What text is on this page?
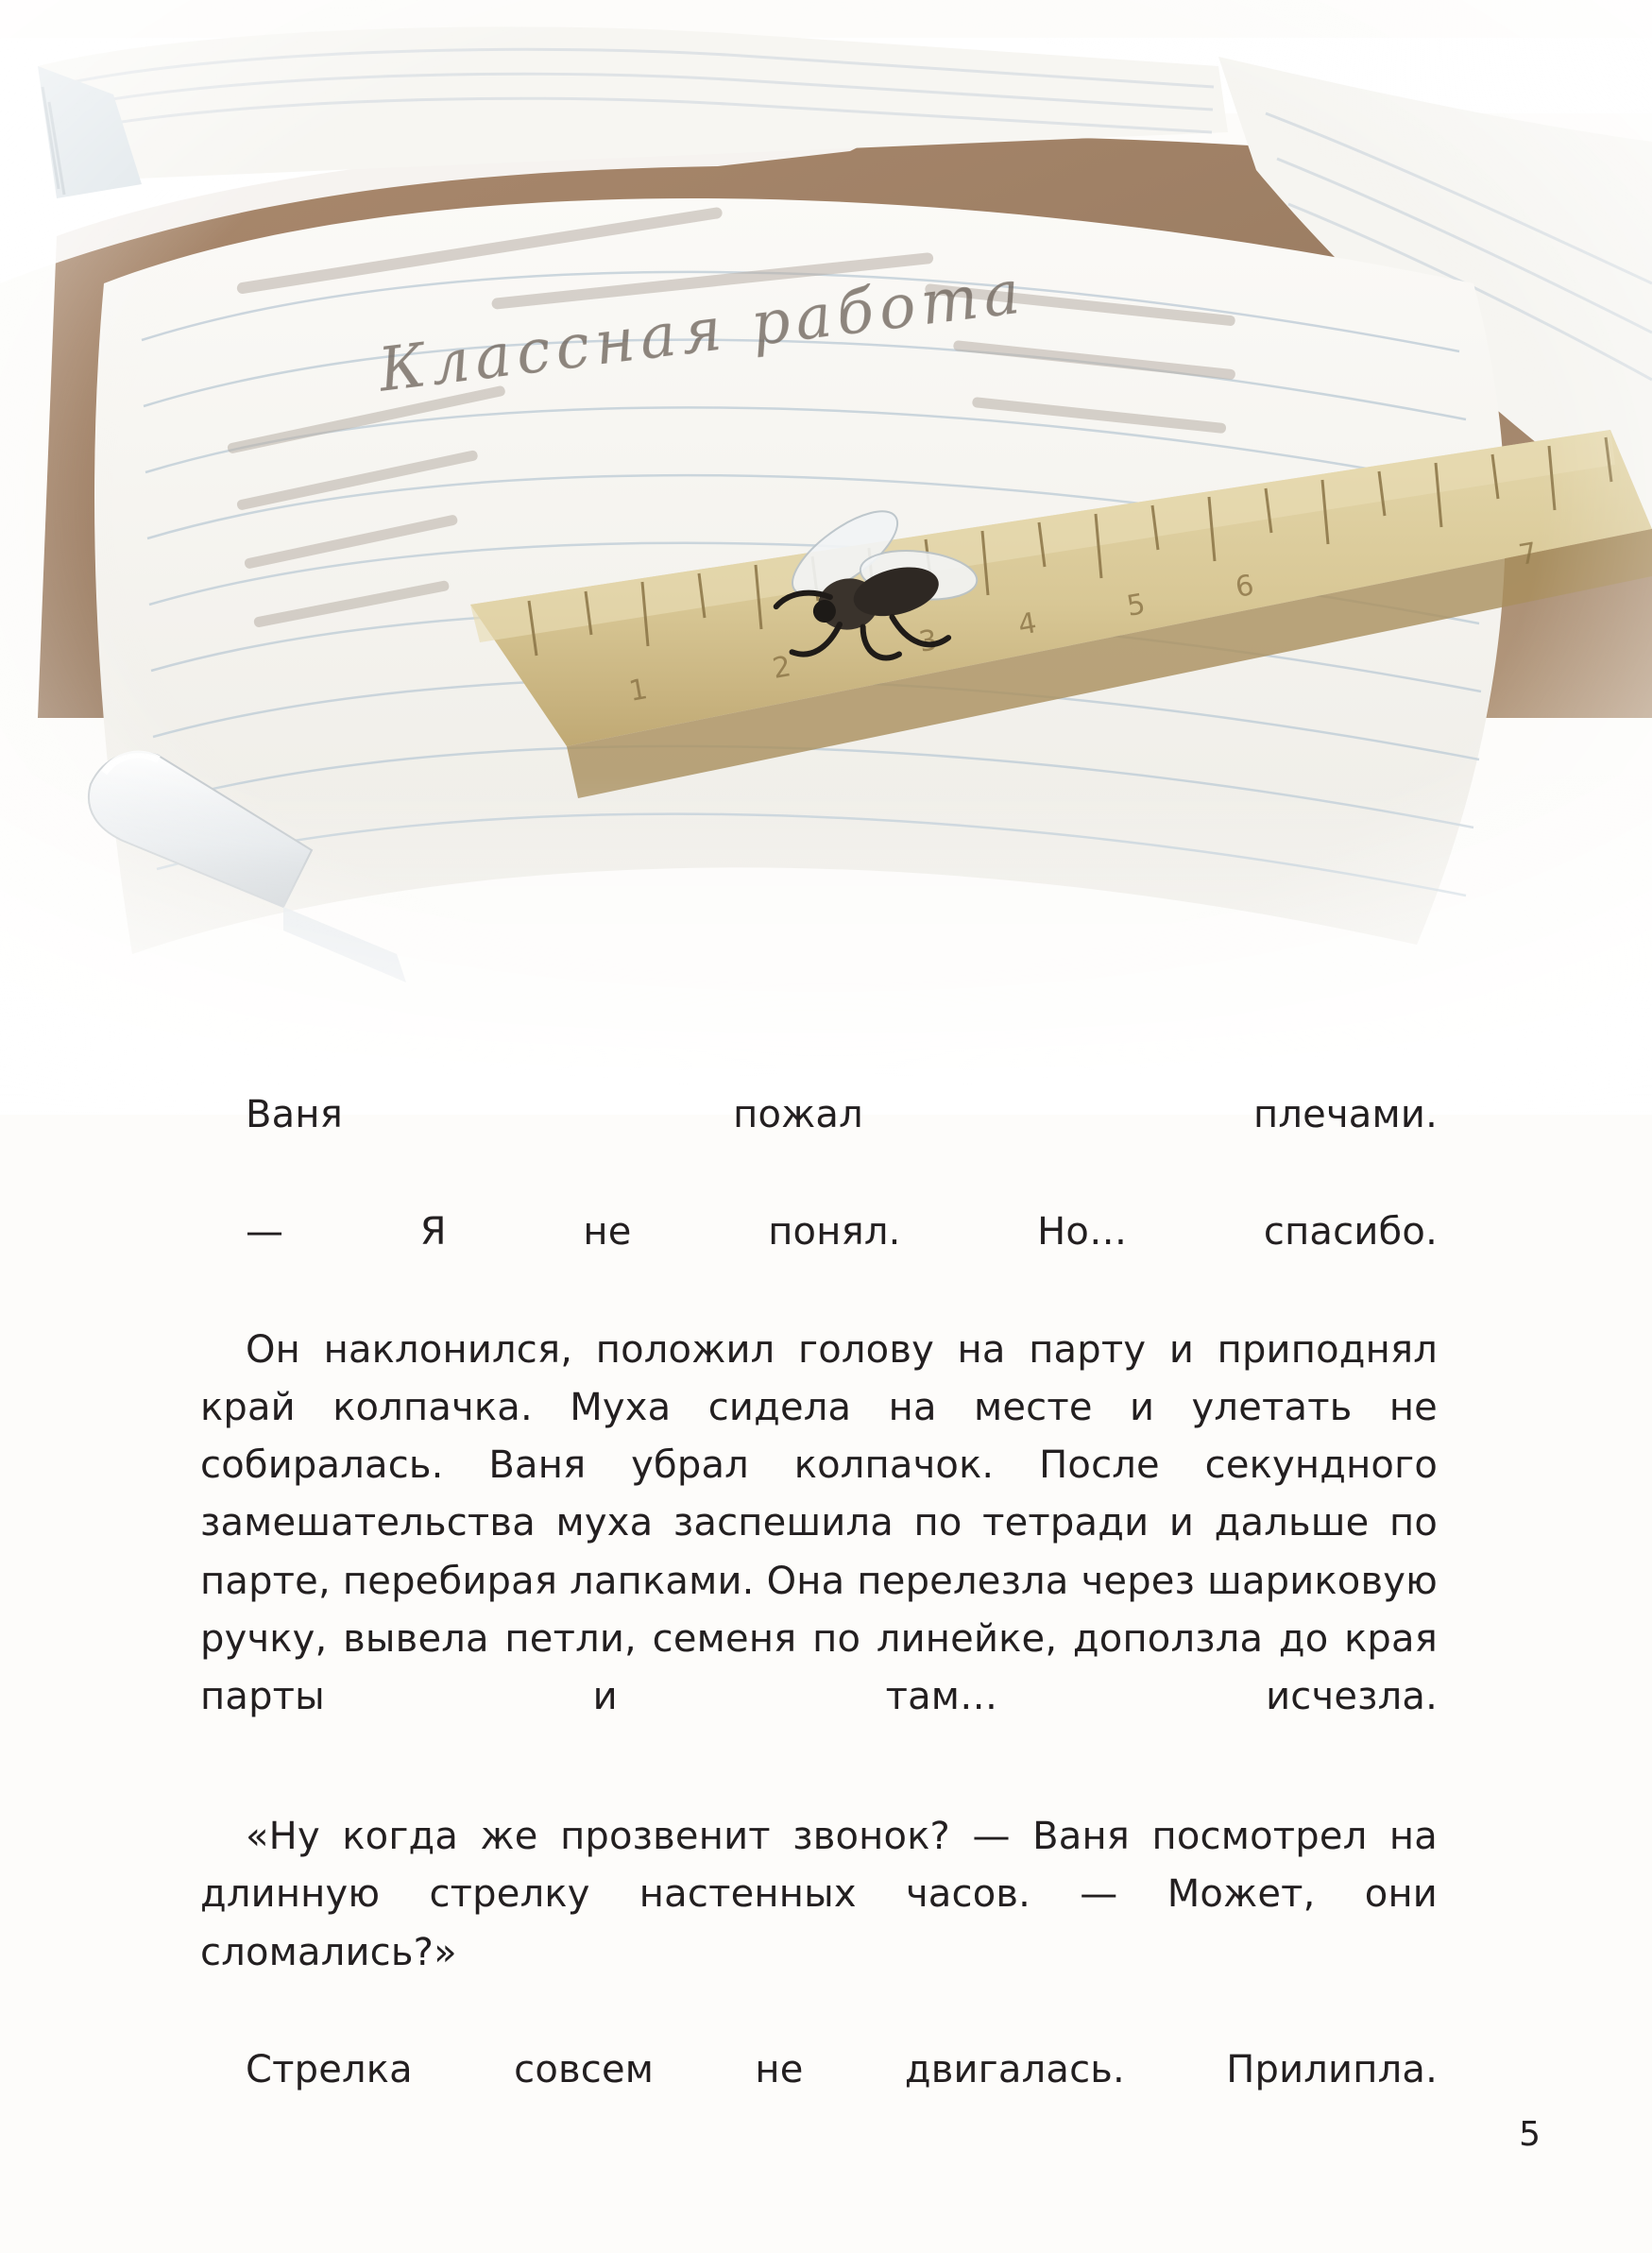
Ваня пожал плечами.

— Я не понял. Но… спасибо.

Он наклонился, положил голову на парту и приподнял край колпачка. Муха сидела на месте и улетать не собиралась. Ваня убрал колпачок. После секундного замешательства муха заспешила по тетради и дальше по парте, перебирая лапками. Она перелезла через шариковую ручку, вывела петли, семеня по линейке, доползла до края парты и там… исчезла.

«Ну когда же прозвенит звонок? — Ваня посмотрел на длинную стрелку настенных часов. — Может, они сломались?»

Стрелка совсем не двигалась. Прилипла.

5
